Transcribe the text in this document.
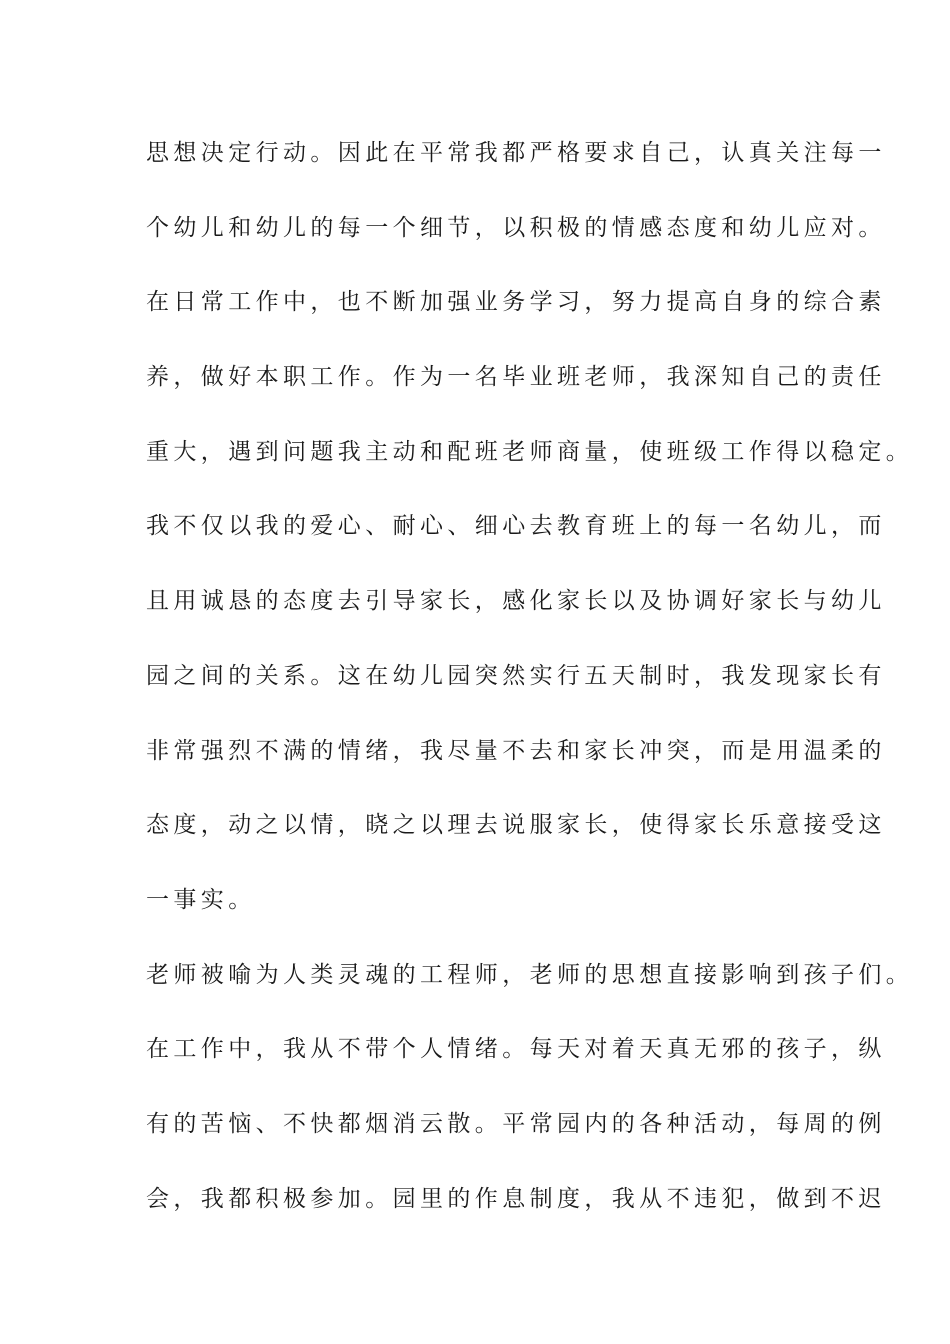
思想决定行动。因此在平常我都严格要求自己，认真关注每一
个幼儿和幼儿的每一个细节，以积极的情感态度和幼儿应对。
在日常工作中，也不断加强业务学习，努力提高自身的综合素
养，做好本职工作。作为一名毕业班老师，我深知自己的责任
重大，遇到问题我主动和配班老师商量，使班级工作得以稳定。
我不仅以我的爱心、耐心、细心去教育班上的每一名幼儿，而
且用诚恳的态度去引导家长，感化家长以及协调好家长与幼儿
园之间的关系。这在幼儿园突然实行五天制时，我发现家长有
非常强烈不满的情绪，我尽量不去和家长冲突，而是用温柔的
态度，动之以情，晓之以理去说服家长，使得家长乐意接受这
一事实。
老师被喻为人类灵魂的工程师，老师的思想直接影响到孩子们。
在工作中，我从不带个人情绪。每天对着天真无邪的孩子，纵
有的苦恼、不快都烟消云散。平常园内的各种活动，每周的例
会，我都积极参加。园里的作息制度，我从不违犯，做到不迟
